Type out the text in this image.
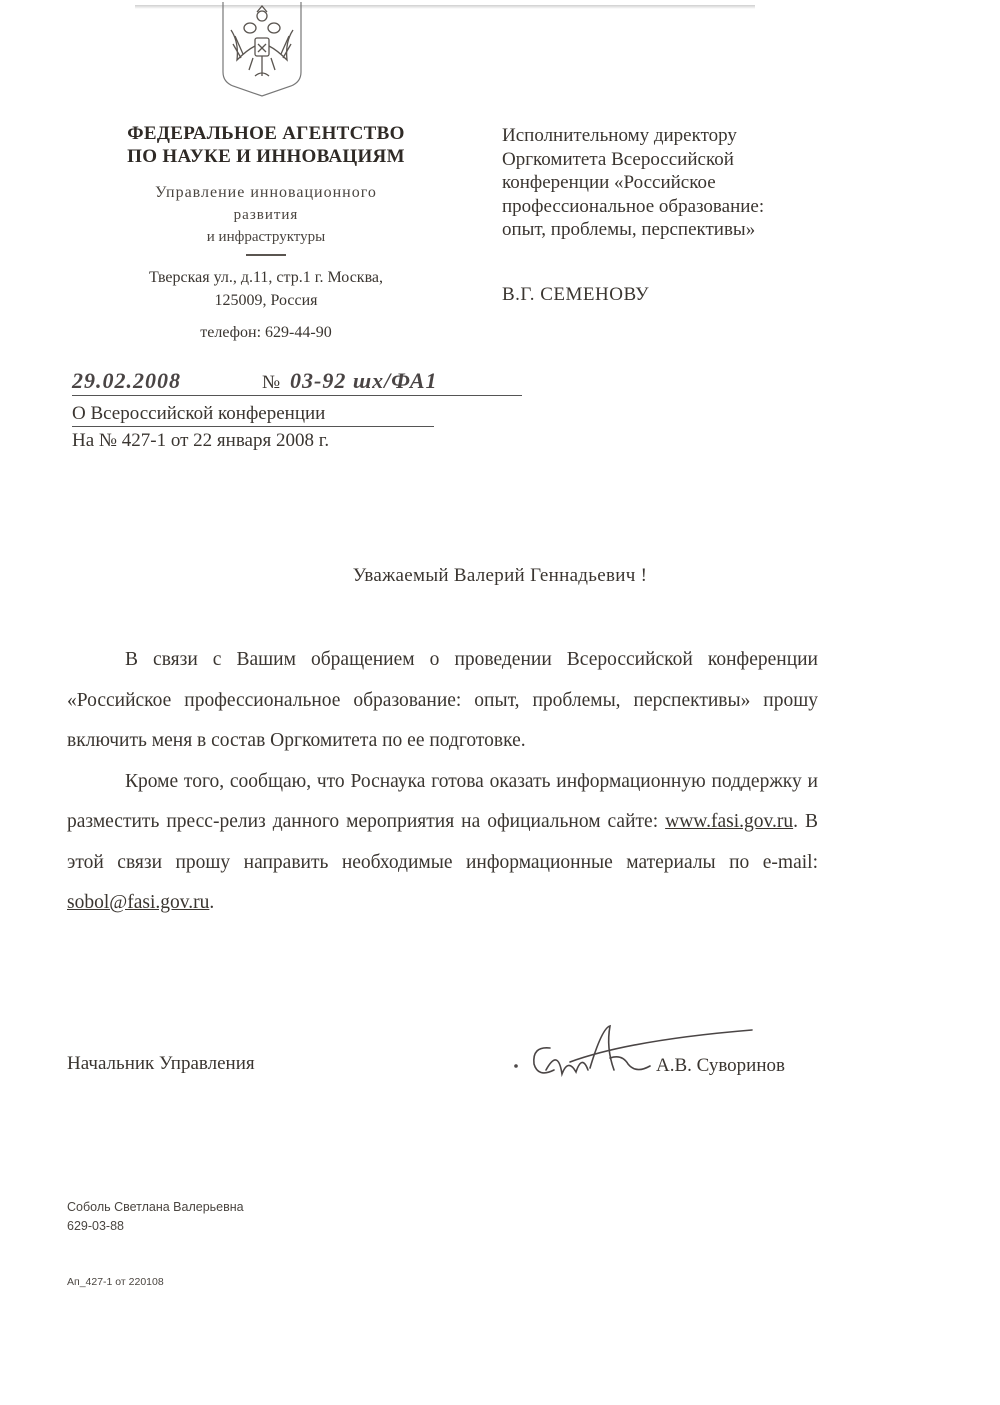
ФЕДЕРАЛЬНОЕ АГЕНТСТВО
ПО НАУКЕ И ИННОВАЦИЯМ
Управление инновационного
развития
и инфраструктуры
Тверская ул., д.11, стр.1 г. Москва,
125009, Россия
телефон: 629-44-90
Исполнительному директору
Оргкомитета Всероссийской
конференции «Российское
профессиональное образование:
опыт, проблемы, перспективы»
В.Г. СЕМЕНОВУ
29.02.2008	№ 03-92 шх/ФА1
О Всероссийской конференции
На № 427-1 от 22 января 2008 г.
Уважаемый Валерий Геннадьевич !

В связи с Вашим обращением о проведении Всероссийской конференции «Российское профессиональное образование: опыт, проблемы, перспективы» прошу включить меня в состав Оргкомитета по ее подготовке.

Кроме того, сообщаю, что Роснаука готова оказать информационную поддержку и разместить пресс-релиз данного мероприятия на официальном сайте: www.fasi.gov.ru. В этой связи прошу направить необходимые информационные материалы по e-mail: sobol@fasi.gov.ru.

Начальник Управления	А.В. Суворинов
Соболь Светлана Валерьевна
629-03-88
Ап_427-1 от 220108
